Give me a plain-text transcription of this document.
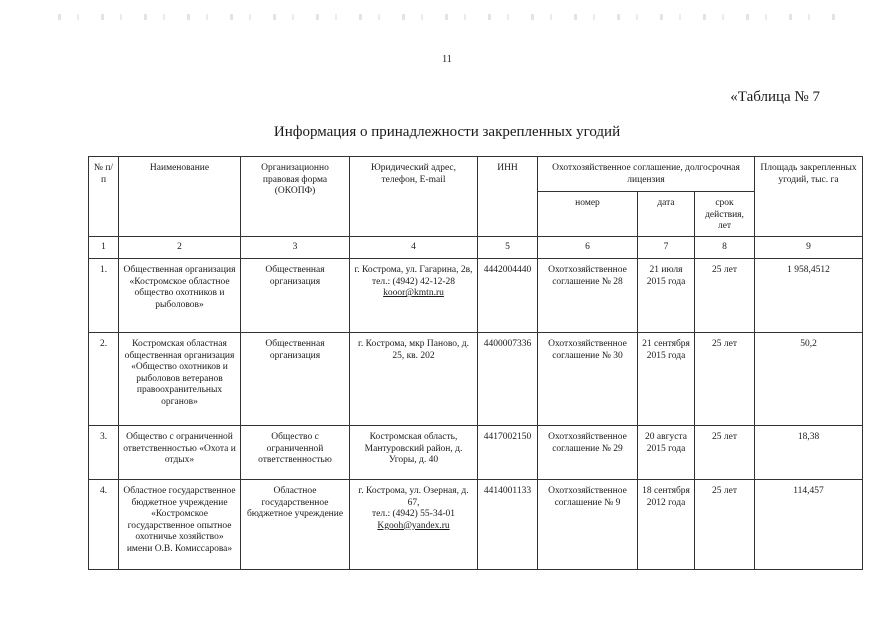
11
«Таблица № 7
Информация о принадлежности закрепленных угодий
№ п/п	Наименование	Организационно правовая форма (ОКОПФ)	Юридический адрес, телефон, E-mail	ИНН	Охотхозяйственное соглашение, долгосрочная лицензия			Площадь закрепленных угодий, тыс. га
					номер	дата	срок действия, лет	
1	2	3	4	5	6	7	8	9
1.	Общественная организация «Костромское областное общество охотников и рыболовов»	Общественная организация	г. Кострома, ул. Гагарина, 2в,
тел.: (4942) 42-12-28
kooor@kmtn.ru	4442004440	Охотхозяйственное соглашение № 28	21 июля 2015 года	25 лет	1 958,4512
2.	Костромская областная общественная организация «Общество охотников и рыболовов ветеранов правоохранительных органов»	Общественная организация	г. Кострома, мкр Паново, д. 25, кв. 202	4400007336	Охотхозяйственное соглашение № 30	21 сентября 2015 года	25 лет	50,2
3.	Общество с ограниченной ответственностью «Охота и отдых»	Общество с ограниченной ответственностью	Костромская область, Мантуровский район, д. Угоры, д. 40	4417002150	Охотхозяйственное соглашение № 29	20 августа 2015 года	25 лет	18,38
4.	Областное государственное бюджетное учреждение «Костромское государственное опытное охотничье хозяйство» имени О.В. Комиссарова»	Областное государственное бюджетное учреждение	г. Кострома, ул. Озерная, д. 67,
тел.: (4942) 55-34-01
Kgooh@yandex.ru	4414001133	Охотхозяйственное соглашение № 9	18 сентября 2012 года	25 лет	114,457
